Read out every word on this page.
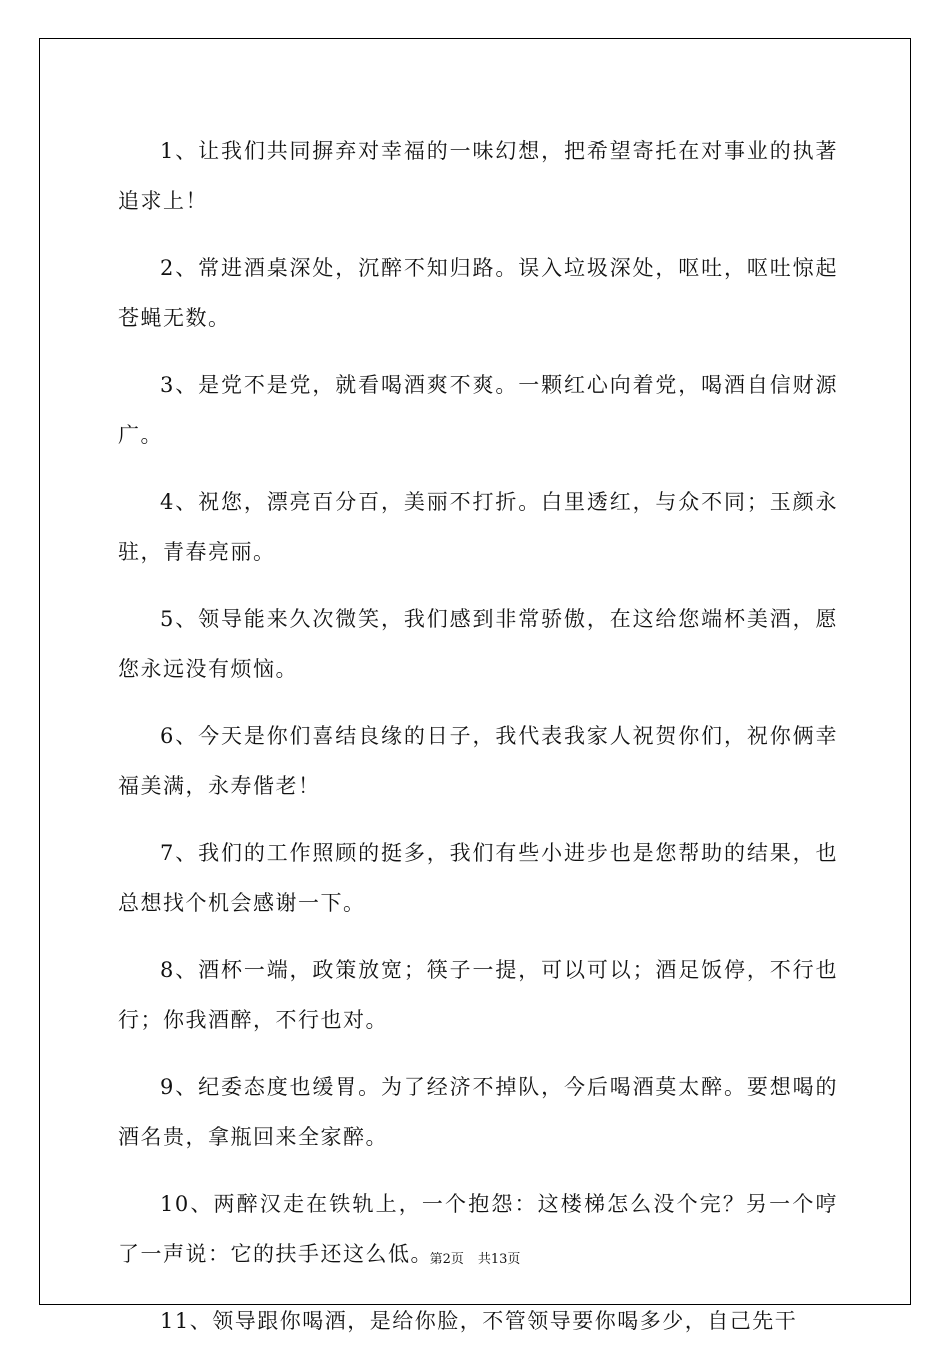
1、让我们共同摒弃对幸福的一味幻想，把希望寄托在对事业的执著追求上！

2、常进酒桌深处，沉醉不知归路。误入垃圾深处，呕吐，呕吐惊起苍蝇无数。

3、是党不是党，就看喝酒爽不爽。一颗红心向着党，喝酒自信财源广。

4、祝您，漂亮百分百，美丽不打折。白里透红，与众不同；玉颜永驻，青春亮丽。

5、领导能来久次微笑，我们感到非常骄傲，在这给您端杯美酒，愿您永远没有烦恼。

6、今天是你们喜结良缘的日子，我代表我家人祝贺你们，祝你俩幸福美满，永寿偕老！

7、我们的工作照顾的挺多，我们有些小进步也是您帮助的结果，也总想找个机会感谢一下。

8、酒杯一端，政策放宽；筷子一提，可以可以；酒足饭停，不行也行；你我酒醉，不行也对。

9、纪委态度也缓胃。为了经济不掉队，今后喝酒莫太醉。要想喝的酒名贵，拿瓶回来全家醉。

10、两醉汉走在铁轨上，一个抱怨：这楼梯怎么没个完？另一个哼了一声说：它的扶手还这么低。

11、领导跟你喝酒，是给你脸，不管领导要你喝多少，自己先干

第2页 共13页
